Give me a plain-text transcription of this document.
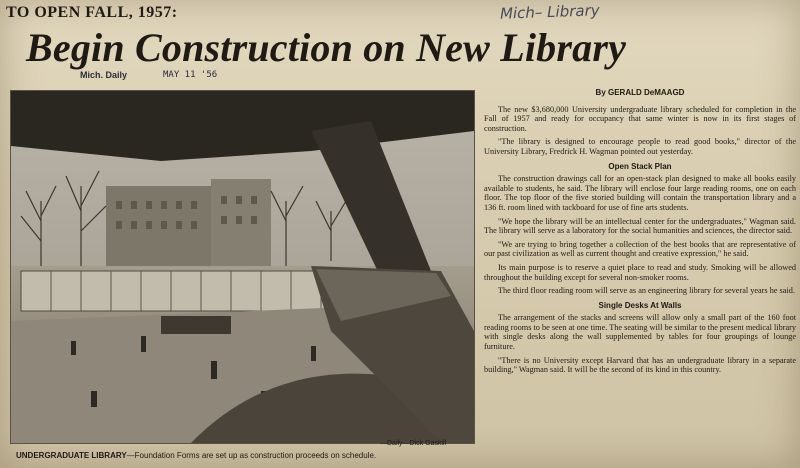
TO OPEN FALL, 1957:	Mich– Library
Begin Construction on New Library
Mich. Daily	MAY 11 '56
—Daily—Dick Gaskill
UNDERGRADUATE LIBRARY—Foundation Forms are set up as construction proceeds on schedule.
By GERALD DeMAAGD

The new $3,680,000 University undergraduate library scheduled for completion in the Fall of 1957 and ready for occupancy that same winter is now in its first stages of construction.

"The library is designed to encourage people to read good books," director of the University Library, Fredrick H. Wagman pointed out yesterday.

Open Stack Plan

The construction drawings call for an open-stack plan designed to make all books easily available to students, he said. The library will enclose four large reading rooms, one on each floor. The top floor of the five storied building will contain the transportation library and a 136 ft. room lined with tackboard for use of fine arts students.

"We hope the library will be an intellectual center for the undergraduates," Wagman said. The library will serve as a laboratory for the social humanities and sciences, the director said.

"We are trying to bring together a collection of the best books that are representative of our past civilization as well as current thought and creative expression," he said.

Its main purpose is to reserve a quiet place to read and study. Smoking will be allowed throughout the building except for several non-smoker rooms.

The third floor reading room will serve as an engineering library for several years he said.

Single Desks At Walls

The arrangement of the stacks and screens will allow only a small part of the 160 foot reading rooms to be seen at one time. The seating will be similar to the present medical library with single desks along the wall supplemented by tables for four groupings of lounge furniture.

"There is no University except Harvard that has an undergraduate library in a separate building," Wagman said. It will be the second of its kind in this country.
